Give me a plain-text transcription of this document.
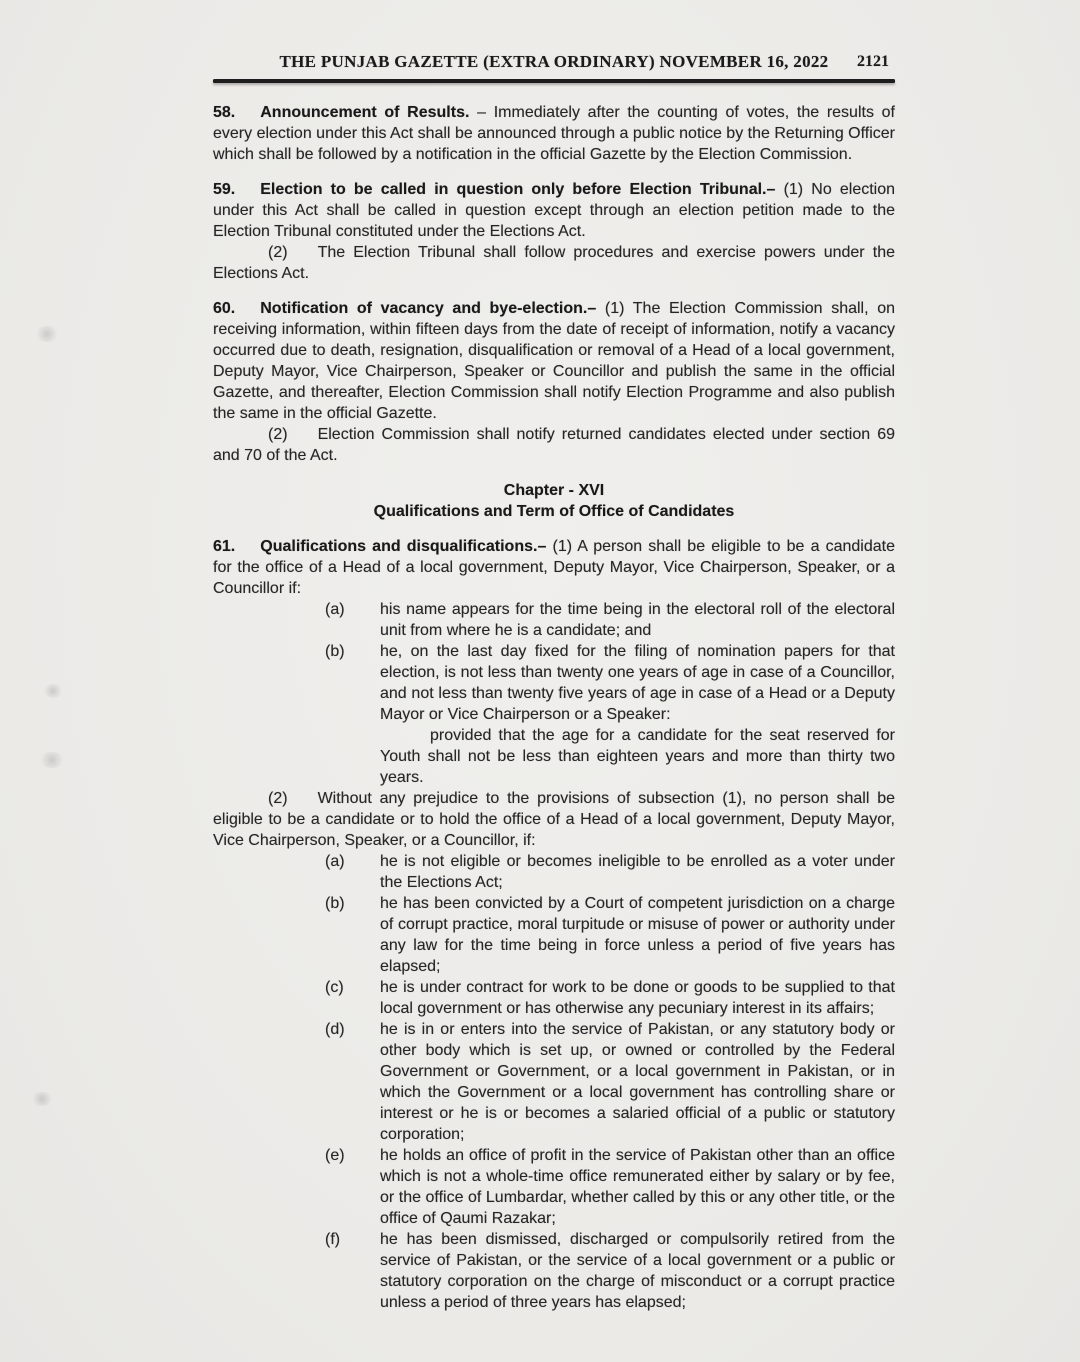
THE PUNJAB GAZETTE (EXTRA ORDINARY) NOVEMBER 16, 2022 2121

58. Announcement of Results. – Immediately after the counting of votes, the results of every election under this Act shall be announced through a public notice by the Returning Officer which shall be followed by a notification in the official Gazette by the Election Commission.

59. Election to be called in question only before Election Tribunal.– (1) No election under this Act shall be called in question except through an election petition made to the Election Tribunal constituted under the Elections Act.

(2) The Election Tribunal shall follow procedures and exercise powers under the Elections Act.

60. Notification of vacancy and bye-election.– (1) The Election Commission shall, on receiving information, within fifteen days from the date of receipt of information, notify a vacancy occurred due to death, resignation, disqualification or removal of a Head of a local government, Deputy Mayor, Vice Chairperson, Speaker or Councillor and publish the same in the official Gazette, and thereafter, Election Commission shall notify Election Programme and also publish the same in the official Gazette.

(2) Election Commission shall notify returned candidates elected under section 69 and 70 of the Act.

Chapter - XVI
Qualifications and Term of Office of Candidates

61. Qualifications and disqualifications.– (1) A person shall be eligible to be a candidate for the office of a Head of a local government, Deputy Mayor, Vice Chairperson, Speaker, or a Councillor if:

(a)	his name appears for the time being in the electoral roll of the electoral unit from where he is a candidate; and
(b)	he, on the last day fixed for the filing of nomination papers for that election, is not less than twenty one years of age in case of a Councillor, and not less than twenty five years of age in case of a Head or a Deputy Mayor or Vice Chairperson or a Speaker:

provided that the age for a candidate for the seat reserved for Youth shall not be less than eighteen years and more than thirty two years.

(2) Without any prejudice to the provisions of subsection (1), no person shall be eligible to be a candidate or to hold the office of a Head of a local government, Deputy Mayor, Vice Chairperson, Speaker, or a Councillor, if:

(a)	he is not eligible or becomes ineligible to be enrolled as a voter under the Elections Act;
(b)	he has been convicted by a Court of competent jurisdiction on a charge of corrupt practice, moral turpitude or misuse of power or authority under any law for the time being in force unless a period of five years has elapsed;
(c)	he is under contract for work to be done or goods to be supplied to that local government or has otherwise any pecuniary interest in its affairs;
(d)	he is in or enters into the service of Pakistan, or any statutory body or other body which is set up, or owned or controlled by the Federal Government or Government, or a local government in Pakistan, or in which the Government or a local government has controlling share or interest or he is or becomes a salaried official of a public or statutory corporation;
(e)	he holds an office of profit in the service of Pakistan other than an office which is not a whole-time office remunerated either by salary or by fee, or the office of Lumbardar, whether called by this or any other title, or the office of Qaumi Razakar;
(f)	he has been dismissed, discharged or compulsorily retired from the service of Pakistan, or the service of a local government or a public or statutory corporation on the charge of misconduct or a corrupt practice unless a period of three years has elapsed;
